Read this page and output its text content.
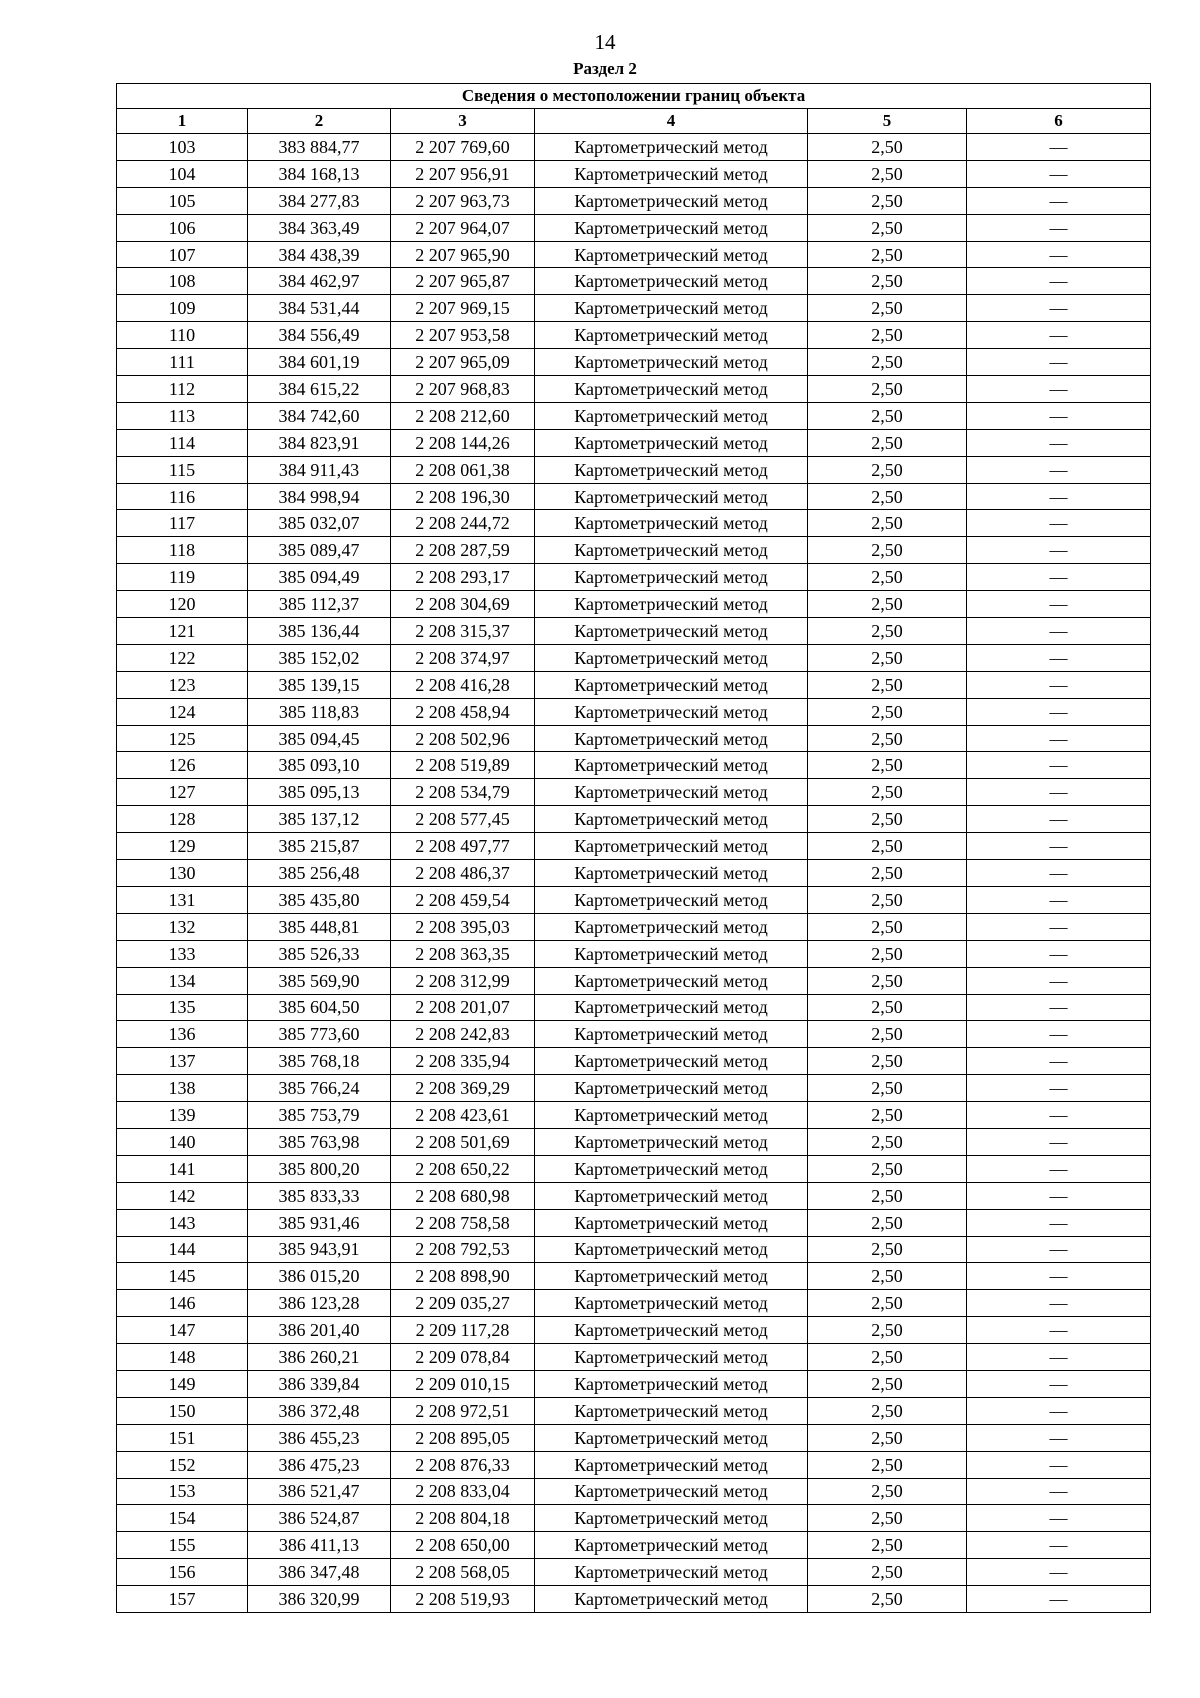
14
Раздел 2
Сведения о местоположении границ объекта					
1	2	3	4	5	6
103	383 884,77	2 207 769,60	Картометрический метод	2,50	—
104	384 168,13	2 207 956,91	Картометрический метод	2,50	—
105	384 277,83	2 207 963,73	Картометрический метод	2,50	—
106	384 363,49	2 207 964,07	Картометрический метод	2,50	—
107	384 438,39	2 207 965,90	Картометрический метод	2,50	—
108	384 462,97	2 207 965,87	Картометрический метод	2,50	—
109	384 531,44	2 207 969,15	Картометрический метод	2,50	—
110	384 556,49	2 207 953,58	Картометрический метод	2,50	—
111	384 601,19	2 207 965,09	Картометрический метод	2,50	—
112	384 615,22	2 207 968,83	Картометрический метод	2,50	—
113	384 742,60	2 208 212,60	Картометрический метод	2,50	—
114	384 823,91	2 208 144,26	Картометрический метод	2,50	—
115	384 911,43	2 208 061,38	Картометрический метод	2,50	—
116	384 998,94	2 208 196,30	Картометрический метод	2,50	—
117	385 032,07	2 208 244,72	Картометрический метод	2,50	—
118	385 089,47	2 208 287,59	Картометрический метод	2,50	—
119	385 094,49	2 208 293,17	Картометрический метод	2,50	—
120	385 112,37	2 208 304,69	Картометрический метод	2,50	—
121	385 136,44	2 208 315,37	Картометрический метод	2,50	—
122	385 152,02	2 208 374,97	Картометрический метод	2,50	—
123	385 139,15	2 208 416,28	Картометрический метод	2,50	—
124	385 118,83	2 208 458,94	Картометрический метод	2,50	—
125	385 094,45	2 208 502,96	Картометрический метод	2,50	—
126	385 093,10	2 208 519,89	Картометрический метод	2,50	—
127	385 095,13	2 208 534,79	Картометрический метод	2,50	—
128	385 137,12	2 208 577,45	Картометрический метод	2,50	—
129	385 215,87	2 208 497,77	Картометрический метод	2,50	—
130	385 256,48	2 208 486,37	Картометрический метод	2,50	—
131	385 435,80	2 208 459,54	Картометрический метод	2,50	—
132	385 448,81	2 208 395,03	Картометрический метод	2,50	—
133	385 526,33	2 208 363,35	Картометрический метод	2,50	—
134	385 569,90	2 208 312,99	Картометрический метод	2,50	—
135	385 604,50	2 208 201,07	Картометрический метод	2,50	—
136	385 773,60	2 208 242,83	Картометрический метод	2,50	—
137	385 768,18	2 208 335,94	Картометрический метод	2,50	—
138	385 766,24	2 208 369,29	Картометрический метод	2,50	—
139	385 753,79	2 208 423,61	Картометрический метод	2,50	—
140	385 763,98	2 208 501,69	Картометрический метод	2,50	—
141	385 800,20	2 208 650,22	Картометрический метод	2,50	—
142	385 833,33	2 208 680,98	Картометрический метод	2,50	—
143	385 931,46	2 208 758,58	Картометрический метод	2,50	—
144	385 943,91	2 208 792,53	Картометрический метод	2,50	—
145	386 015,20	2 208 898,90	Картометрический метод	2,50	—
146	386 123,28	2 209 035,27	Картометрический метод	2,50	—
147	386 201,40	2 209 117,28	Картометрический метод	2,50	—
148	386 260,21	2 209 078,84	Картометрический метод	2,50	—
149	386 339,84	2 209 010,15	Картометрический метод	2,50	—
150	386 372,48	2 208 972,51	Картометрический метод	2,50	—
151	386 455,23	2 208 895,05	Картометрический метод	2,50	—
152	386 475,23	2 208 876,33	Картометрический метод	2,50	—
153	386 521,47	2 208 833,04	Картометрический метод	2,50	—
154	386 524,87	2 208 804,18	Картометрический метод	2,50	—
155	386 411,13	2 208 650,00	Картометрический метод	2,50	—
156	386 347,48	2 208 568,05	Картометрический метод	2,50	—
157	386 320,99	2 208 519,93	Картометрический метод	2,50	—
